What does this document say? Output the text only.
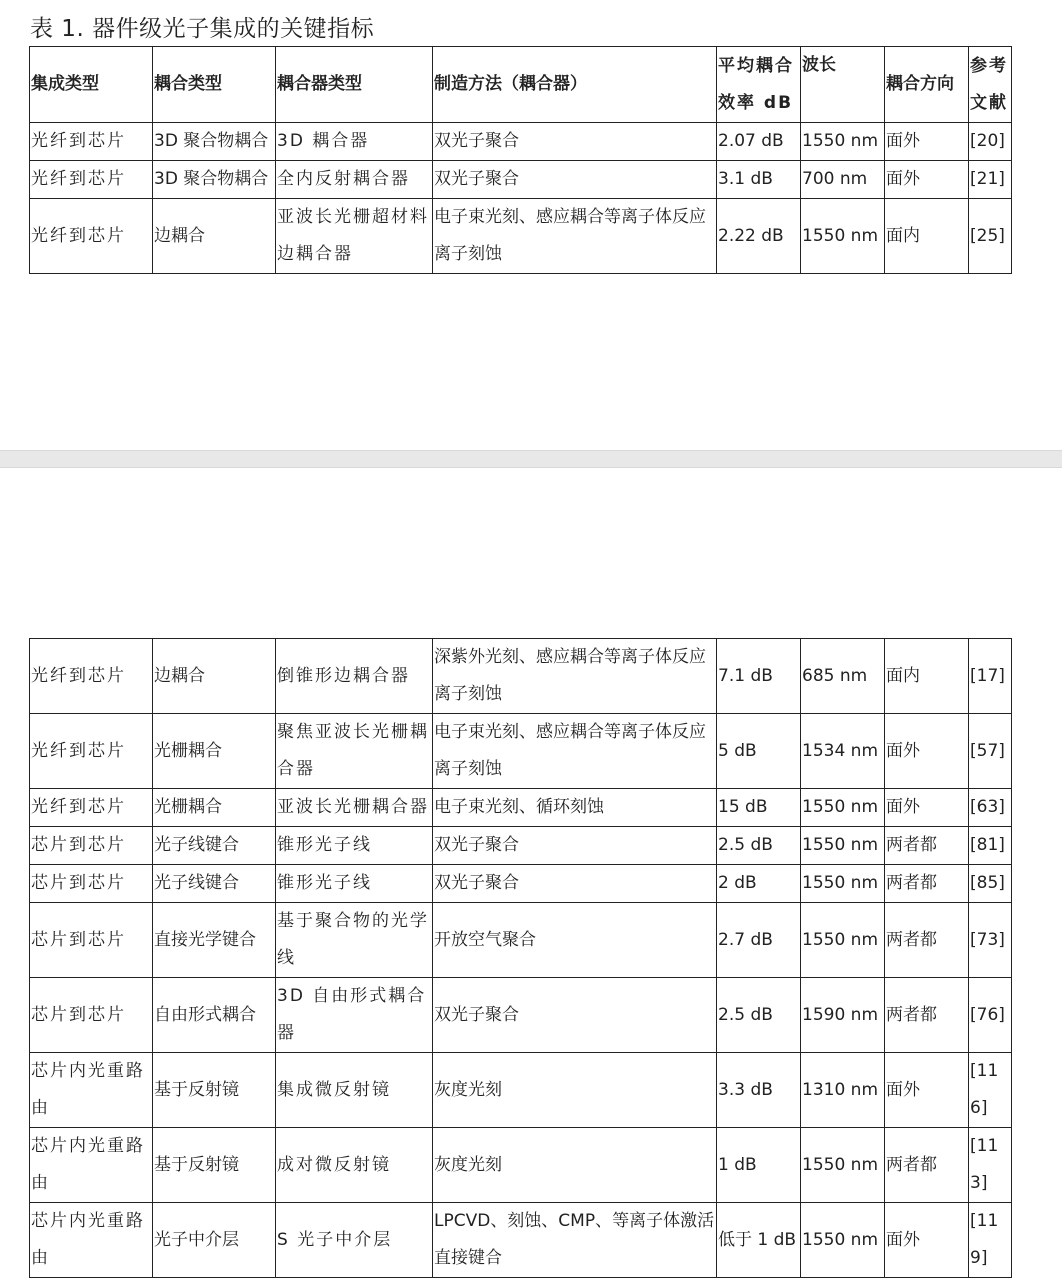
表 1. 器件级光子集成的关键指标
集成类型	耦合类型	耦合器类型	制造方法（耦合器）	平均耦合效率 dB	波长	耦合方向	参考文献
光纤到芯片	3D 聚合物耦合	3D 耦合器	双光子聚合	2.07 dB	1550 nm	面外	[20]
光纤到芯片	3D 聚合物耦合	全内反射耦合器	双光子聚合	3.1 dB	700 nm	面外	[21]
光纤到芯片	边耦合	亚波长光栅超材料边耦合器	电子束光刻、感应耦合等离子体反应离子刻蚀	2.22 dB	1550 nm	面内	[25]
光纤到芯片	边耦合	倒锥形边耦合器	深紫外光刻、感应耦合等离子体反应离子刻蚀	7.1 dB	685 nm	面内	[17]
光纤到芯片	光栅耦合	聚焦亚波长光栅耦合器	电子束光刻、感应耦合等离子体反应离子刻蚀	5 dB	1534 nm	面外	[57]
光纤到芯片	光栅耦合	亚波长光栅耦合器	电子束光刻、循环刻蚀	15 dB	1550 nm	面外	[63]
芯片到芯片	光子线键合	锥形光子线	双光子聚合	2.5 dB	1550 nm	两者都	[81]
芯片到芯片	光子线键合	锥形光子线	双光子聚合	2 dB	1550 nm	两者都	[85]
芯片到芯片	直接光学键合	基于聚合物的光学线	开放空气聚合	2.7 dB	1550 nm	两者都	[73]
芯片到芯片	自由形式耦合	3D 自由形式耦合器	双光子聚合	2.5 dB	1590 nm	两者都	[76]
芯片内光重路由	基于反射镜	集成微反射镜	灰度光刻	3.3 dB	1310 nm	面外	[116]
芯片内光重路由	基于反射镜	成对微反射镜	灰度光刻	1 dB	1550 nm	两者都	[113]
芯片内光重路由	光子中介层	S 光子中介层	LPCVD、刻蚀、CMP、等离子体激活直接键合	低于 1 dB	1550 nm	面外	[119]
